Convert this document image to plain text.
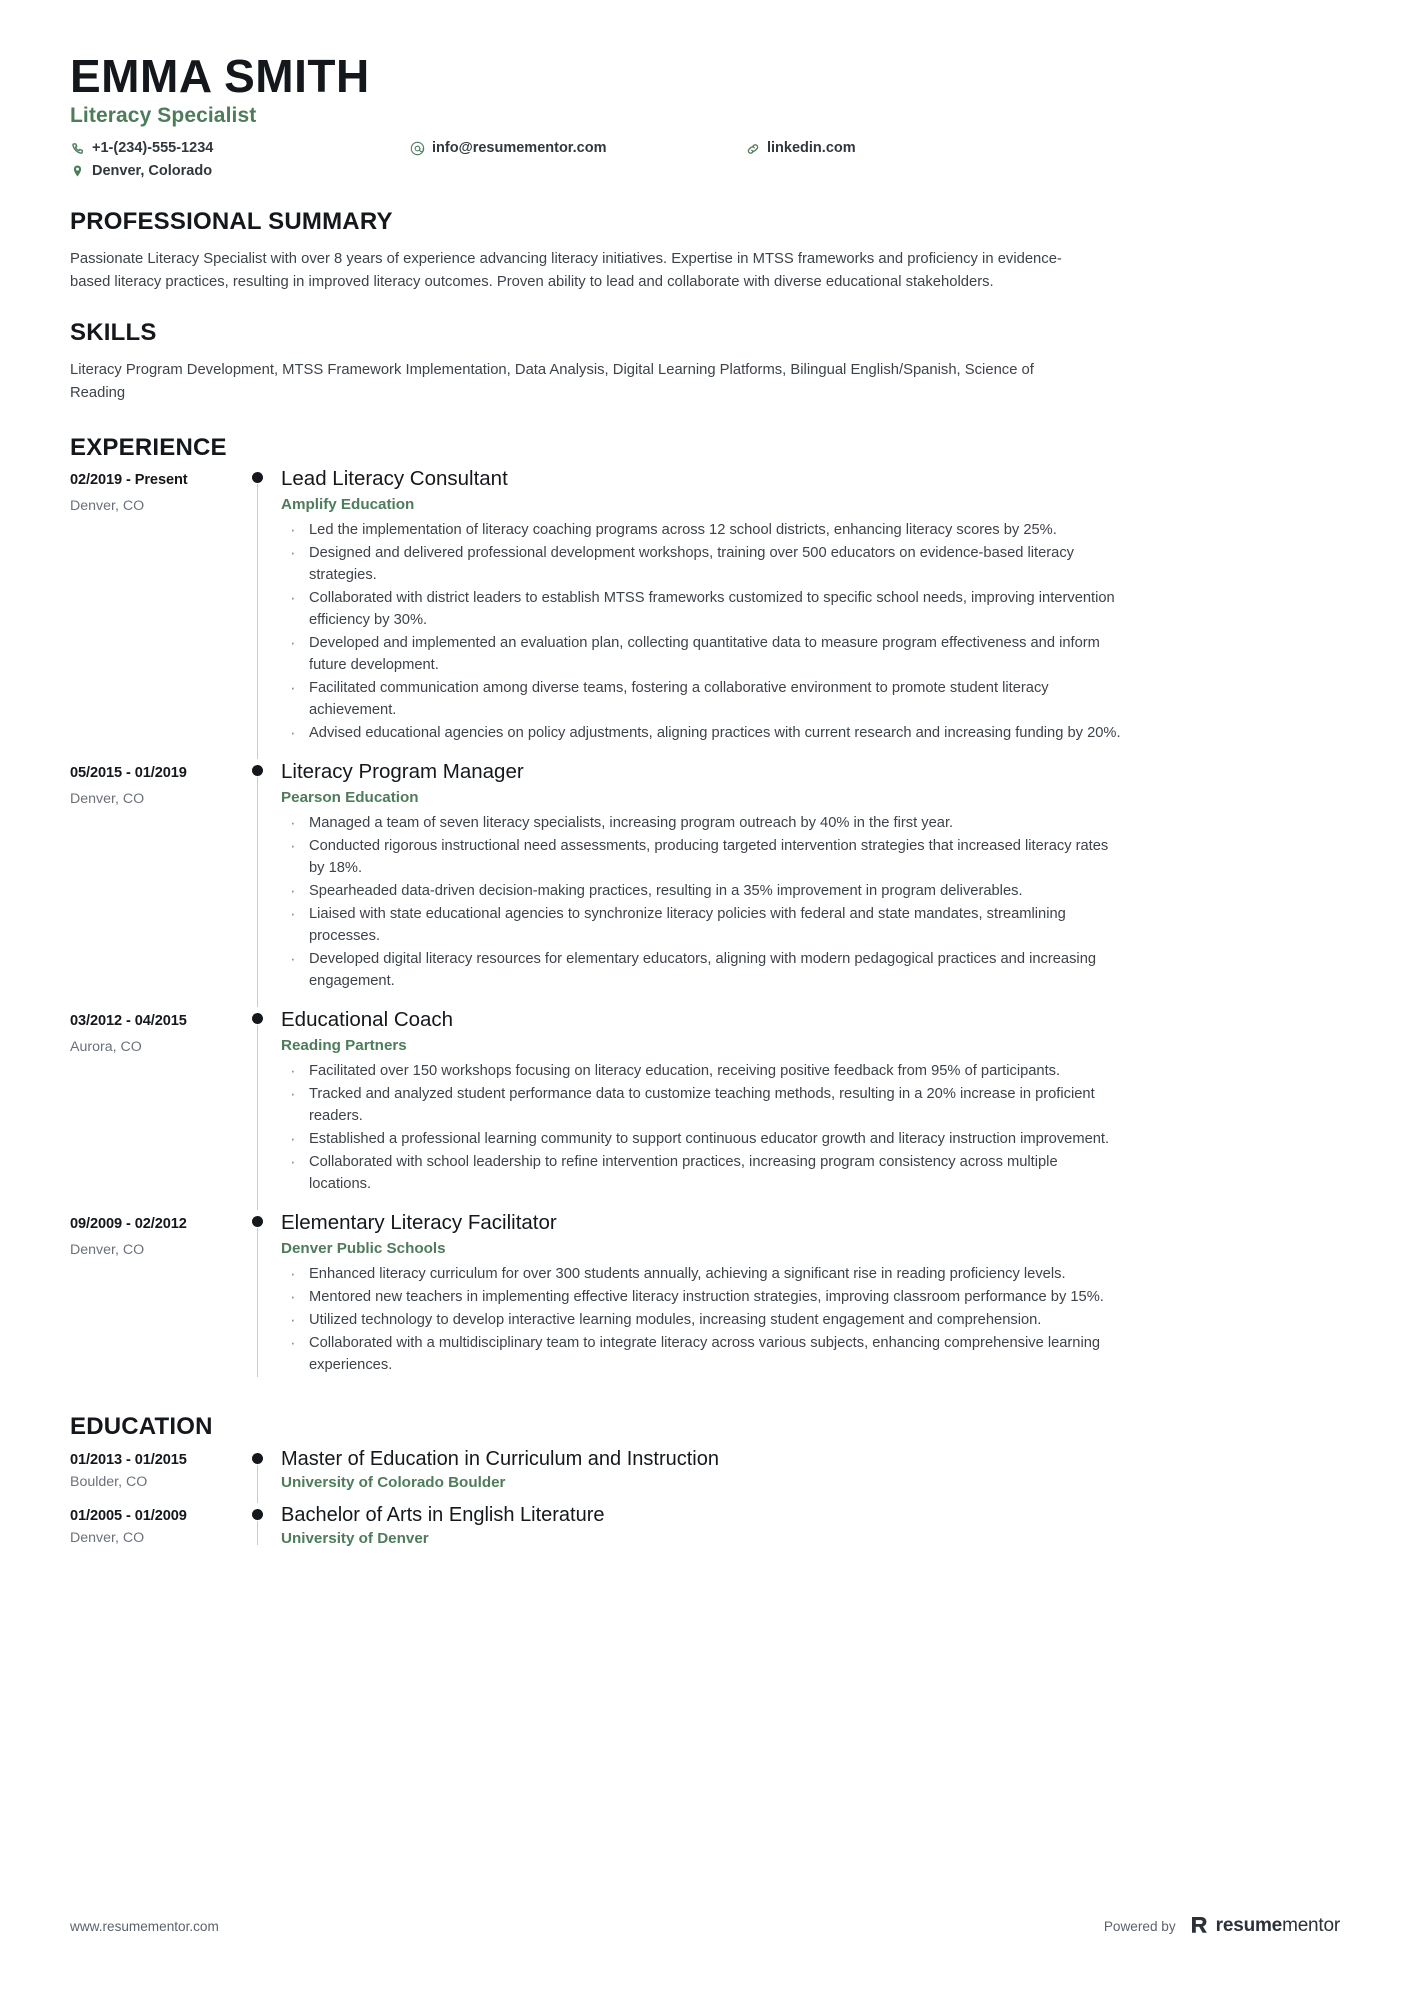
EMMA SMITH
Literacy Specialist
+1-(234)-555-1234	info@resumementor.com	linkedin.com
Denver, Colorado
PROFESSIONAL SUMMARY

Passionate Literacy Specialist with over 8 years of experience advancing literacy initiatives. Expertise in MTSS frameworks and proficiency in evidence-based literacy practices, resulting in improved literacy outcomes. Proven ability to lead and collaborate with diverse educational stakeholders.

SKILLS

Literacy Program Development, MTSS Framework Implementation, Data Analysis, Digital Learning Platforms, Bilingual English/Spanish, Science of Reading

EXPERIENCE
02/2019 - Present
Denver, CO
Lead Literacy Consultant
Amplify Education
· Led the implementation of literacy coaching programs across 12 school districts, enhancing literacy scores by 25%.
· Designed and delivered professional development workshops, training over 500 educators on evidence-based literacy strategies.
· Collaborated with district leaders to establish MTSS frameworks customized to specific school needs, improving intervention efficiency by 30%.
· Developed and implemented an evaluation plan, collecting quantitative data to measure program effectiveness and inform future development.
· Facilitated communication among diverse teams, fostering a collaborative environment to promote student literacy achievement.
· Advised educational agencies on policy adjustments, aligning practices with current research and increasing funding by 20%.
05/2015 - 01/2019
Denver, CO
Literacy Program Manager
Pearson Education
· Managed a team of seven literacy specialists, increasing program outreach by 40% in the first year.
· Conducted rigorous instructional need assessments, producing targeted intervention strategies that increased literacy rates by 18%.
· Spearheaded data-driven decision-making practices, resulting in a 35% improvement in program deliverables.
· Liaised with state educational agencies to synchronize literacy policies with federal and state mandates, streamlining processes.
· Developed digital literacy resources for elementary educators, aligning with modern pedagogical practices and increasing engagement.
03/2012 - 04/2015
Aurora, CO
Educational Coach
Reading Partners
· Facilitated over 150 workshops focusing on literacy education, receiving positive feedback from 95% of participants.
· Tracked and analyzed student performance data to customize teaching methods, resulting in a 20% increase in proficient readers.
· Established a professional learning community to support continuous educator growth and literacy instruction improvement.
· Collaborated with school leadership to refine intervention practices, increasing program consistency across multiple locations.
09/2009 - 02/2012
Denver, CO
Elementary Literacy Facilitator
Denver Public Schools
· Enhanced literacy curriculum for over 300 students annually, achieving a significant rise in reading proficiency levels.
· Mentored new teachers in implementing effective literacy instruction strategies, improving classroom performance by 15%.
· Utilized technology to develop interactive learning modules, increasing student engagement and comprehension.
· Collaborated with a multidisciplinary team to integrate literacy across various subjects, enhancing comprehensive learning experiences.
EDUCATION
01/2013 - 01/2015
Boulder, CO
Master of Education in Curriculum and Instruction
University of Colorado Boulder
01/2005 - 01/2009
Denver, CO
Bachelor of Arts in English Literature
University of Denver
www.resumementor.com	Powered by resume mentor
